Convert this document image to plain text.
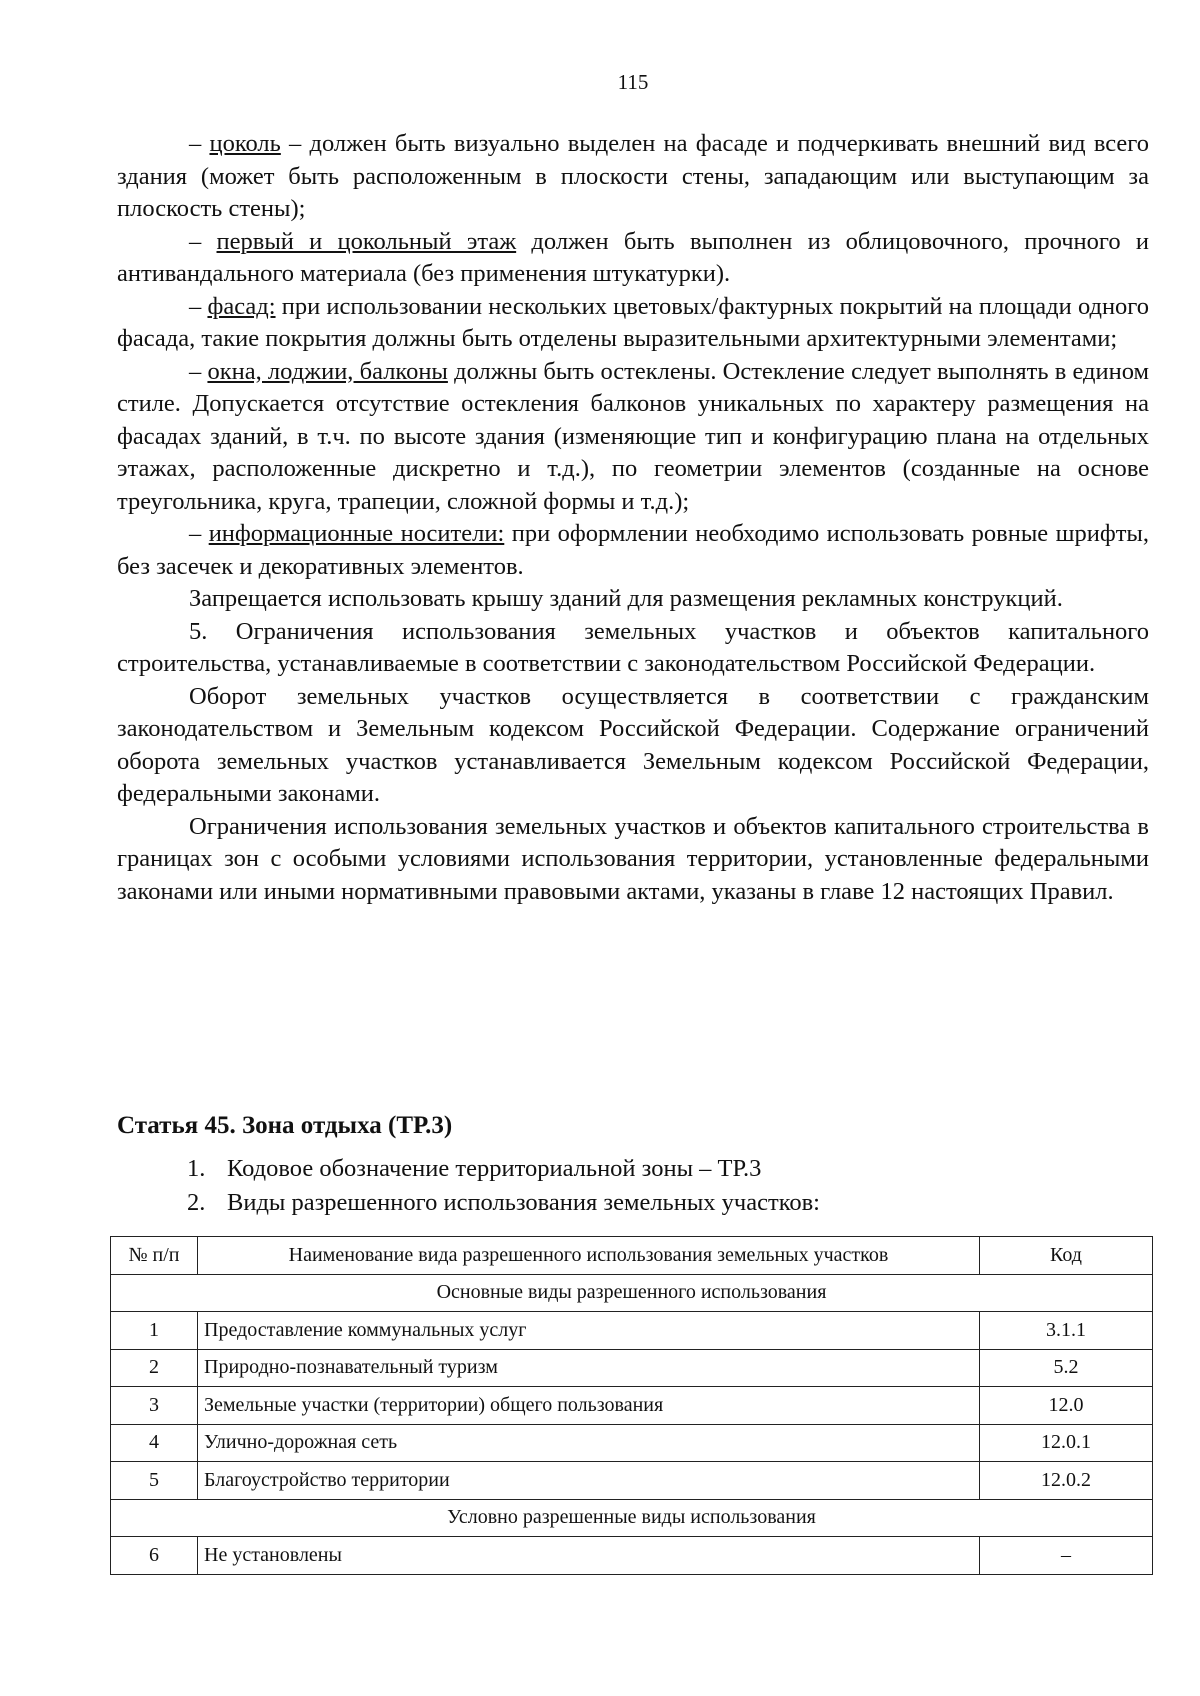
115

– цоколь – должен быть визуально выделен на фасаде и подчеркивать внешний вид всего здания (может быть расположенным в плоскости стены, западающим или выступающим за плоскость стены);

– первый и цокольный этаж должен быть выполнен из облицовочного, прочного и антивандального материала (без применения штукатурки).

– фасад: при использовании нескольких цветовых/фактурных покрытий на площади одного фасада, такие покрытия должны быть отделены выразительными архитектурными элементами;

– окна, лоджии, балконы должны быть остеклены. Остекление следует выполнять в едином стиле. Допускается отсутствие остекления балконов уникальных по характеру размещения на фасадах зданий, в т.ч. по высоте здания (изменяющие тип и конфигурацию плана на отдельных этажах, расположенные дискретно и т.д.), по геометрии элементов (созданные на основе треугольника, круга, трапеции, сложной формы и т.д.);

– информационные носители: при оформлении необходимо использовать ровные шрифты, без засечек и декоративных элементов.

Запрещается использовать крышу зданий для размещения рекламных конструкций.

5. Ограничения использования земельных участков и объектов капитального строительства, устанавливаемые в соответствии с законодательством Российской Федерации.

Оборот земельных участков осуществляется в соответствии с гражданским законодательством и Земельным кодексом Российской Федерации. Содержание ограничений оборота земельных участков устанавливается Земельным кодексом Российской Федерации, федеральными законами.

Ограничения использования земельных участков и объектов капитального строительства в границах зон с особыми условиями использования территории, установленные федеральными законами или иными нормативными правовыми актами, указаны в главе 12 настоящих Правил.

Статья 45. Зона отдыха (ТР.3)
1. Кодовое обозначение территориальной зоны – ТР.3
2. Виды разрешенного использования земельных участков:
№ п/п	Наименование вида разрешенного использования земельных участков	Код
Основные виды разрешенного использования		
1	Предоставление коммунальных услуг	3.1.1
2	Природно-познавательный туризм	5.2
3	Земельные участки (территории) общего пользования	12.0
4	Улично-дорожная сеть	12.0.1
5	Благоустройство территории	12.0.2
Условно разрешенные виды использования		
6	Не установлены	–
